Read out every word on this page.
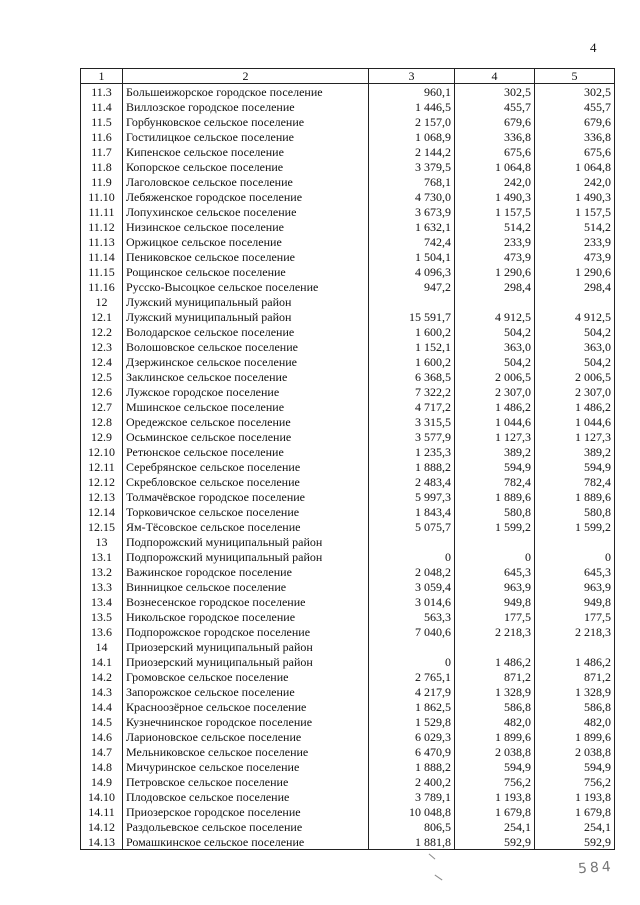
4
1	2	3	4	5
11.3	Большеижорское городское поселение	960,1	302,5	302,5
11.4	Виллозское городское поселение	1 446,5	455,7	455,7
11.5	Горбунковское сельское поселение	2 157,0	679,6	679,6
11.6	Гостилицкое сельское поселение	1 068,9	336,8	336,8
11.7	Кипенское сельское поселение	2 144,2	675,6	675,6
11.8	Копорское сельское поселение	3 379,5	1 064,8	1 064,8
11.9	Лаголовское сельское поселение	768,1	242,0	242,0
11.10	Лебяженское городское поселение	4 730,0	1 490,3	1 490,3
11.11	Лопухинское сельское поселение	3 673,9	1 157,5	1 157,5
11.12	Низинское сельское поселение	1 632,1	514,2	514,2
11.13	Оржицкое сельское поселение	742,4	233,9	233,9
11.14	Пениковское сельское поселение	1 504,1	473,9	473,9
11.15	Рощинское сельское поселение	4 096,3	1 290,6	1 290,6
11.16	Русско-Высоцкое сельское поселение	947,2	298,4	298,4
12	Лужский муниципальный район			
12.1	Лужский муниципальный район	15 591,7	4 912,5	4 912,5
12.2	Володарское сельское поселение	1 600,2	504,2	504,2
12.3	Волошовское сельское поселение	1 152,1	363,0	363,0
12.4	Дзержинское сельское поселение	1 600,2	504,2	504,2
12.5	Заклинское сельское поселение	6 368,5	2 006,5	2 006,5
12.6	Лужское городское поселение	7 322,2	2 307,0	2 307,0
12.7	Мшинское сельское поселение	4 717,2	1 486,2	1 486,2
12.8	Оредежское сельское поселение	3 315,5	1 044,6	1 044,6
12.9	Осьминское сельское поселение	3 577,9	1 127,3	1 127,3
12.10	Ретюнское сельское поселение	1 235,3	389,2	389,2
12.11	Серебрянское сельское поселение	1 888,2	594,9	594,9
12.12	Скребловское сельское поселение	2 483,4	782,4	782,4
12.13	Толмачёвское городское поселение	5 997,3	1 889,6	1 889,6
12.14	Торковичское сельское поселение	1 843,4	580,8	580,8
12.15	Ям-Тёсовское сельское поселение	5 075,7	1 599,2	1 599,2
13	Подпорожский муниципальный район			
13.1	Подпорожский муниципальный район	0	0	0
13.2	Важинское городское поселение	2 048,2	645,3	645,3
13.3	Винницкое сельское поселение	3 059,4	963,9	963,9
13.4	Вознесенское городское поселение	3 014,6	949,8	949,8
13.5	Никольское городское поселение	563,3	177,5	177,5
13.6	Подпорожское городское поселение	7 040,6	2 218,3	2 218,3
14	Приозерский муниципальный район			
14.1	Приозерский муниципальный район	0	1 486,2	1 486,2
14.2	Громовское сельское поселение	2 765,1	871,2	871,2
14.3	Запорожское сельское поселение	4 217,9	1 328,9	1 328,9
14.4	Красноозёрное сельское поселение	1 862,5	586,8	586,8
14.5	Кузнечнинское городское поселение	1 529,8	482,0	482,0
14.6	Ларионовское сельское поселение	6 029,3	1 899,6	1 899,6
14.7	Мельниковское сельское поселение	6 470,9	2 038,8	2 038,8
14.8	Мичуринское сельское поселение	1 888,2	594,9	594,9
14.9	Петровское сельское поселение	2 400,2	756,2	756,2
14.10	Плодовское сельское поселение	3 789,1	1 193,8	1 193,8
14.11	Приозерское городское поселение	10 048,8	1 679,8	1 679,8
14.12	Раздольевское сельское поселение	806,5	254,1	254,1
14.13	Ромашкинское сельское поселение	1 881,8	592,9	592,9
584
